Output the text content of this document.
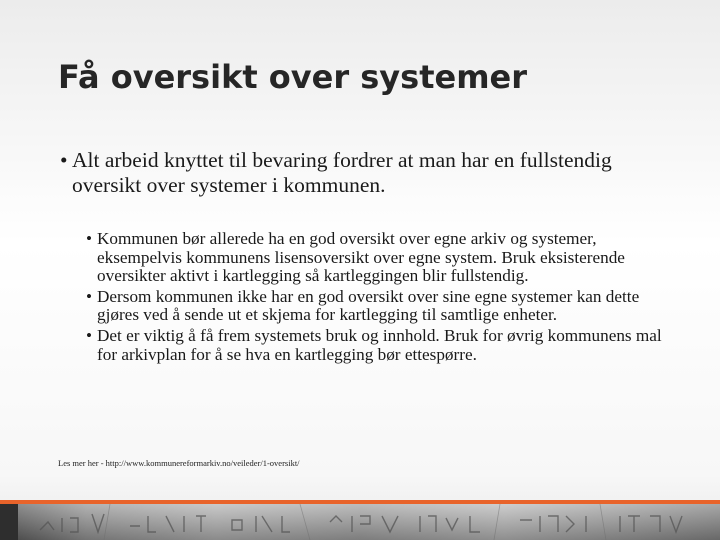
Få oversikt over systemer
• Alt arbeid knyttet til bevaring fordrer at man har en fullstendig oversikt over systemer i kommunen.
• Kommunen bør allerede ha en god oversikt over egne arkiv og systemer, eksempelvis kommunens lisensoversikt over egne system. Bruk eksisterende oversikter aktivt i kartlegging så kartleggingen blir fullstendig.
• Dersom kommunen ikke har en god oversikt over sine egne systemer kan dette gjøres ved å sende ut et skjema for kartlegging til samtlige enheter.
• Det er viktig å få frem systemets bruk og innhold. Bruk for øvrig kommunens mal for arkivplan for å se hva en kartlegging bør ettespørre.
Les mer her - http://www.kommunereformarkiv.no/veileder/1-oversikt/
